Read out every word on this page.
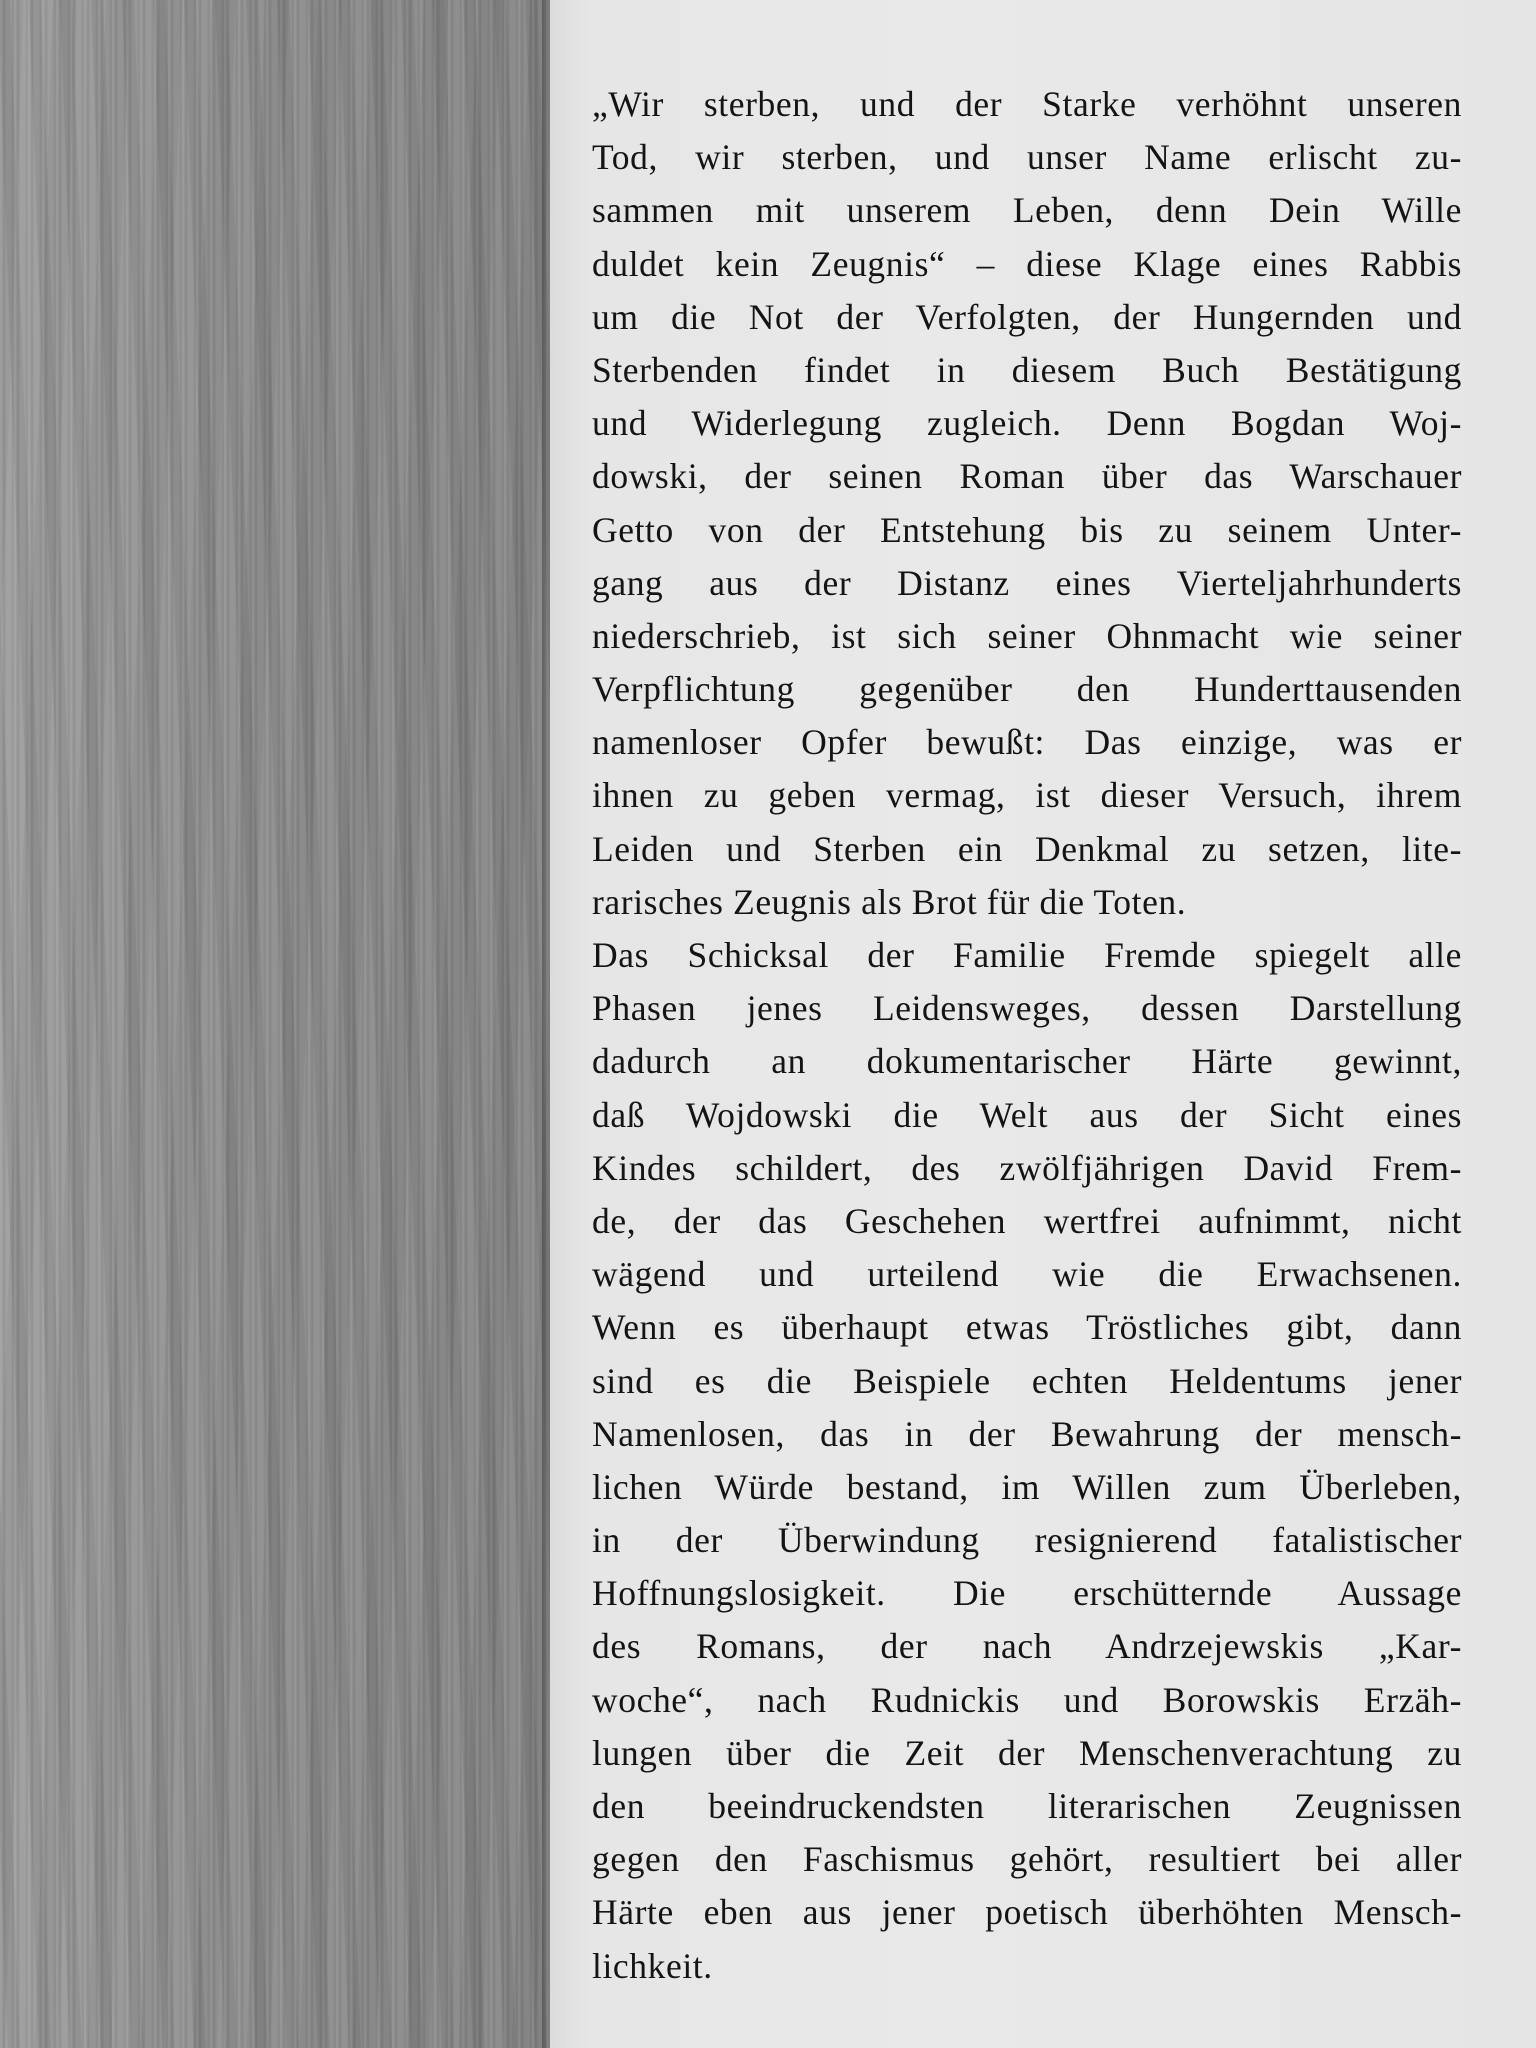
„Wir sterben, und der Starke verhöhnt unseren
Tod, wir sterben, und unser Name erlischt zu-
sammen mit unserem Leben, denn Dein Wille
duldet kein Zeugnis“ – diese Klage eines Rabbis
um die Not der Verfolgten, der Hungernden und
Sterbenden findet in diesem Buch Bestätigung
und Widerlegung zugleich. Denn Bogdan Woj-
dowski, der seinen Roman über das Warschauer
Getto von der Entstehung bis zu seinem Unter-
gang aus der Distanz eines Vierteljahrhunderts
niederschrieb, ist sich seiner Ohnmacht wie seiner
Verpflichtung gegenüber den Hunderttausenden
namenloser Opfer bewußt: Das einzige, was er
ihnen zu geben vermag, ist dieser Versuch, ihrem
Leiden und Sterben ein Denkmal zu setzen, lite-
rarisches Zeugnis als Brot für die Toten.
Das Schicksal der Familie Fremde spiegelt alle
Phasen jenes Leidensweges, dessen Darstellung
dadurch an dokumentarischer Härte gewinnt,
daß Wojdowski die Welt aus der Sicht eines
Kindes schildert, des zwölfjährigen David Frem-
de, der das Geschehen wertfrei aufnimmt, nicht
wägend und urteilend wie die Erwachsenen.
Wenn es überhaupt etwas Tröstliches gibt, dann
sind es die Beispiele echten Heldentums jener
Namenlosen, das in der Bewahrung der mensch-
lichen Würde bestand, im Willen zum Überleben,
in der Überwindung resignierend fatalistischer
Hoffnungslosigkeit. Die erschütternde Aussage
des Romans, der nach Andrzejewskis „Kar-
woche“, nach Rudnickis und Borowskis Erzäh-
lungen über die Zeit der Menschenverachtung zu
den beeindruckendsten literarischen Zeugnissen
gegen den Faschismus gehört, resultiert bei aller
Härte eben aus jener poetisch überhöhten Mensch-
lichkeit.
